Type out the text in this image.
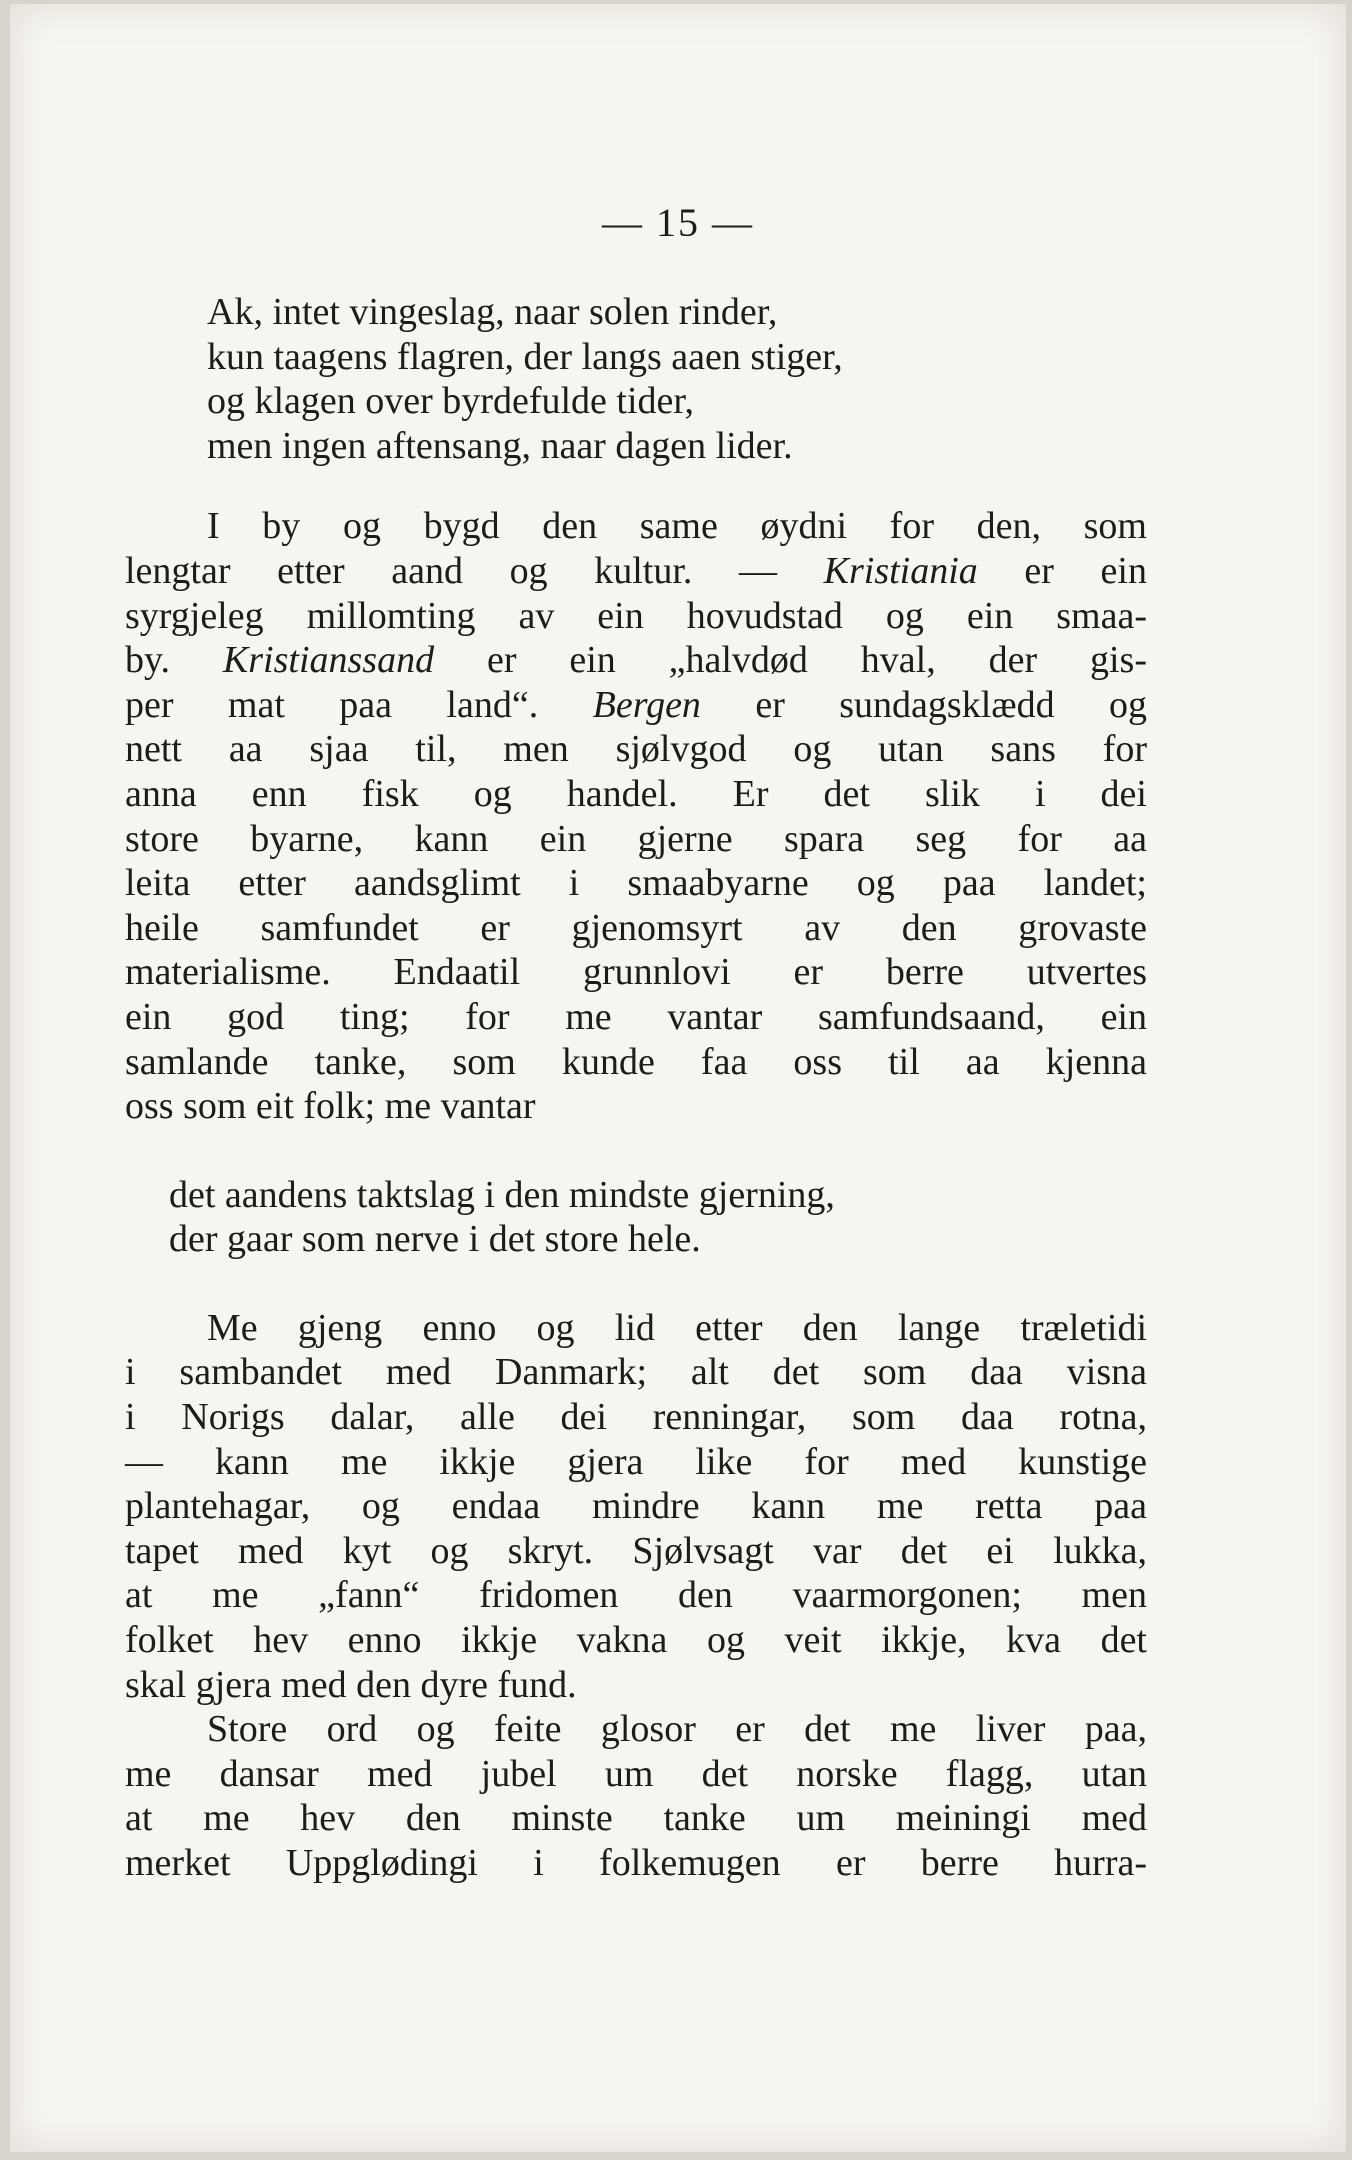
— 15 —
Ak, intet vingeslag, naar solen rinder,
kun taagens flagren, der langs aaen stiger,
og klagen over byrdefulde tider,
men ingen aftensang, naar dagen lider.
I by og bygd den same øydni for den, som
lengtar etter aand og kultur. — Kristiania er ein
syrgjeleg millomting av ein hovudstad og ein smaa-
by. Kristianssand er ein „halvdød hval, der gis-
per mat paa land“. Bergen er sundagsklædd og
nett aa sjaa til, men sjølvgod og utan sans for
anna enn fisk og handel. Er det slik i dei
store byarne, kann ein gjerne spara seg for aa
leita etter aandsglimt i smaabyarne og paa landet;
heile samfundet er gjenomsyrt av den grovaste
materialisme. Endaatil grunnlovi er berre utvertes
ein god ting; for me vantar samfundsaand, ein
samlande tanke, som kunde faa oss til aa kjenna
oss som eit folk; me vantar
det aandens taktslag i den mindste gjerning,
der gaar som nerve i det store hele.
Me gjeng enno og lid etter den lange træletidi
i sambandet med Danmark; alt det som daa visna
i Norigs dalar, alle dei renningar, som daa rotna,
— kann me ikkje gjera like for med kunstige
plantehagar, og endaa mindre kann me retta paa
tapet med kyt og skryt. Sjølvsagt var det ei lukka,
at me „fann“ fridomen den vaarmorgonen; men
folket hev enno ikkje vakna og veit ikkje, kva det
skal gjera med den dyre fund.
Store ord og feite glosor er det me liver paa,
me dansar med jubel um det norske flagg, utan
at me hev den minste tanke um meiningi med
merket Uppglødingi i folkemugen er berre hurra-
